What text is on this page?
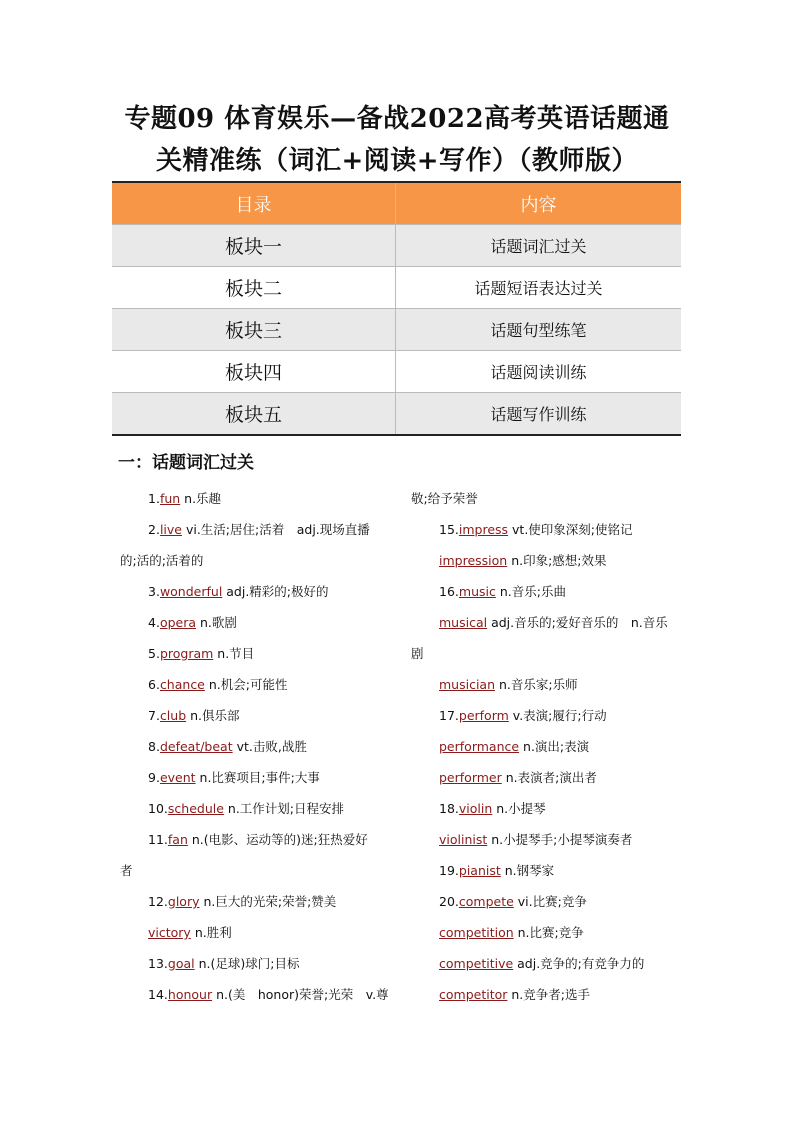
专题09 体育娱乐—备战2022高考英语话题通
关精准练（词汇+阅读+写作）（教师版）
目录	内容
板块一	话题词汇过关
板块二	话题短语表达过关
板块三	话题句型练笔
板块四	话题阅读训练
板块五	话题写作训练
一：话题词汇过关
1.fun n.乐趣
2.live vi.生活;居住;活着　adj.现场直播
的;活的;活着的
3.wonderful adj.精彩的;极好的
4.opera n.歌剧
5.program n.节目
6.chance n.机会;可能性
7.club n.俱乐部
8.defeat/beat vt.击败,战胜
9.event n.比赛项目;事件;大事
10.schedule n.工作计划;日程安排
11.fan n.(电影、运动等的)迷;狂热爱好
者
12.glory n.巨大的光荣;荣誉;赞美
victory n.胜利
13.goal n.(足球)球门;目标
14.honour n.(美　honor)荣誉;光荣　v.尊
敬;给予荣誉
15.impress vt.使印象深刻;使铭记
impression n.印象;感想;效果
16.music n.音乐;乐曲
musical adj.音乐的;爱好音乐的　n.音乐
剧
musician n.音乐家;乐师
17.perform v.表演;履行;行动
performance n.演出;表演
performer n.表演者;演出者
18.violin n.小提琴
violinist n.小提琴手;小提琴演奏者
19.pianist n.钢琴家
20.compete vi.比赛;竞争
competition n.比赛;竞争
competitive adj.竞争的;有竞争力的
competitor n.竞争者;选手
